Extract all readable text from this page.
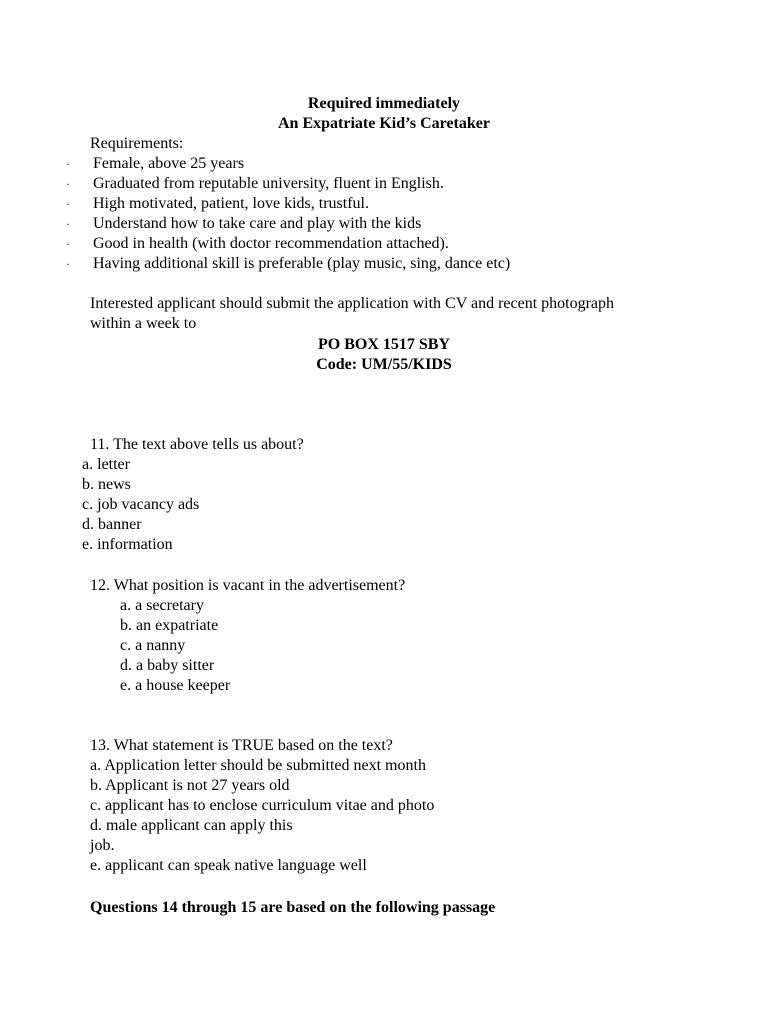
Required immediately
An Expatriate Kid’s Caretaker
Requirements:
· Female, above 25 years
· Graduated from reputable university, fluent in English.
· High motivated, patient, love kids, trustful.
· Understand how to take care and play with the kids
· Good in health (with doctor recommendation attached).
· Having additional skill is preferable (play music, sing, dance etc)
Interested applicant should submit the application with CV and recent photograph
within a week to
PO BOX 1517 SBY
Code: UM/55/KIDS
11. The text above tells us about?
a. letter
b. news
c. job vacancy ads
d. banner
e. information
12. What position is vacant in the advertisement?
a. a secretary
b. an expatriate
c. a nanny
d. a baby sitter
e. a house keeper
13. What statement is TRUE based on the text?
a. Application letter should be submitted next month
b. Applicant is not 27 years old
c. applicant has to enclose curriculum vitae and photo
d. male applicant can apply this
job.
e. applicant can speak native language well
Questions 14 through 15 are based on the following passage
